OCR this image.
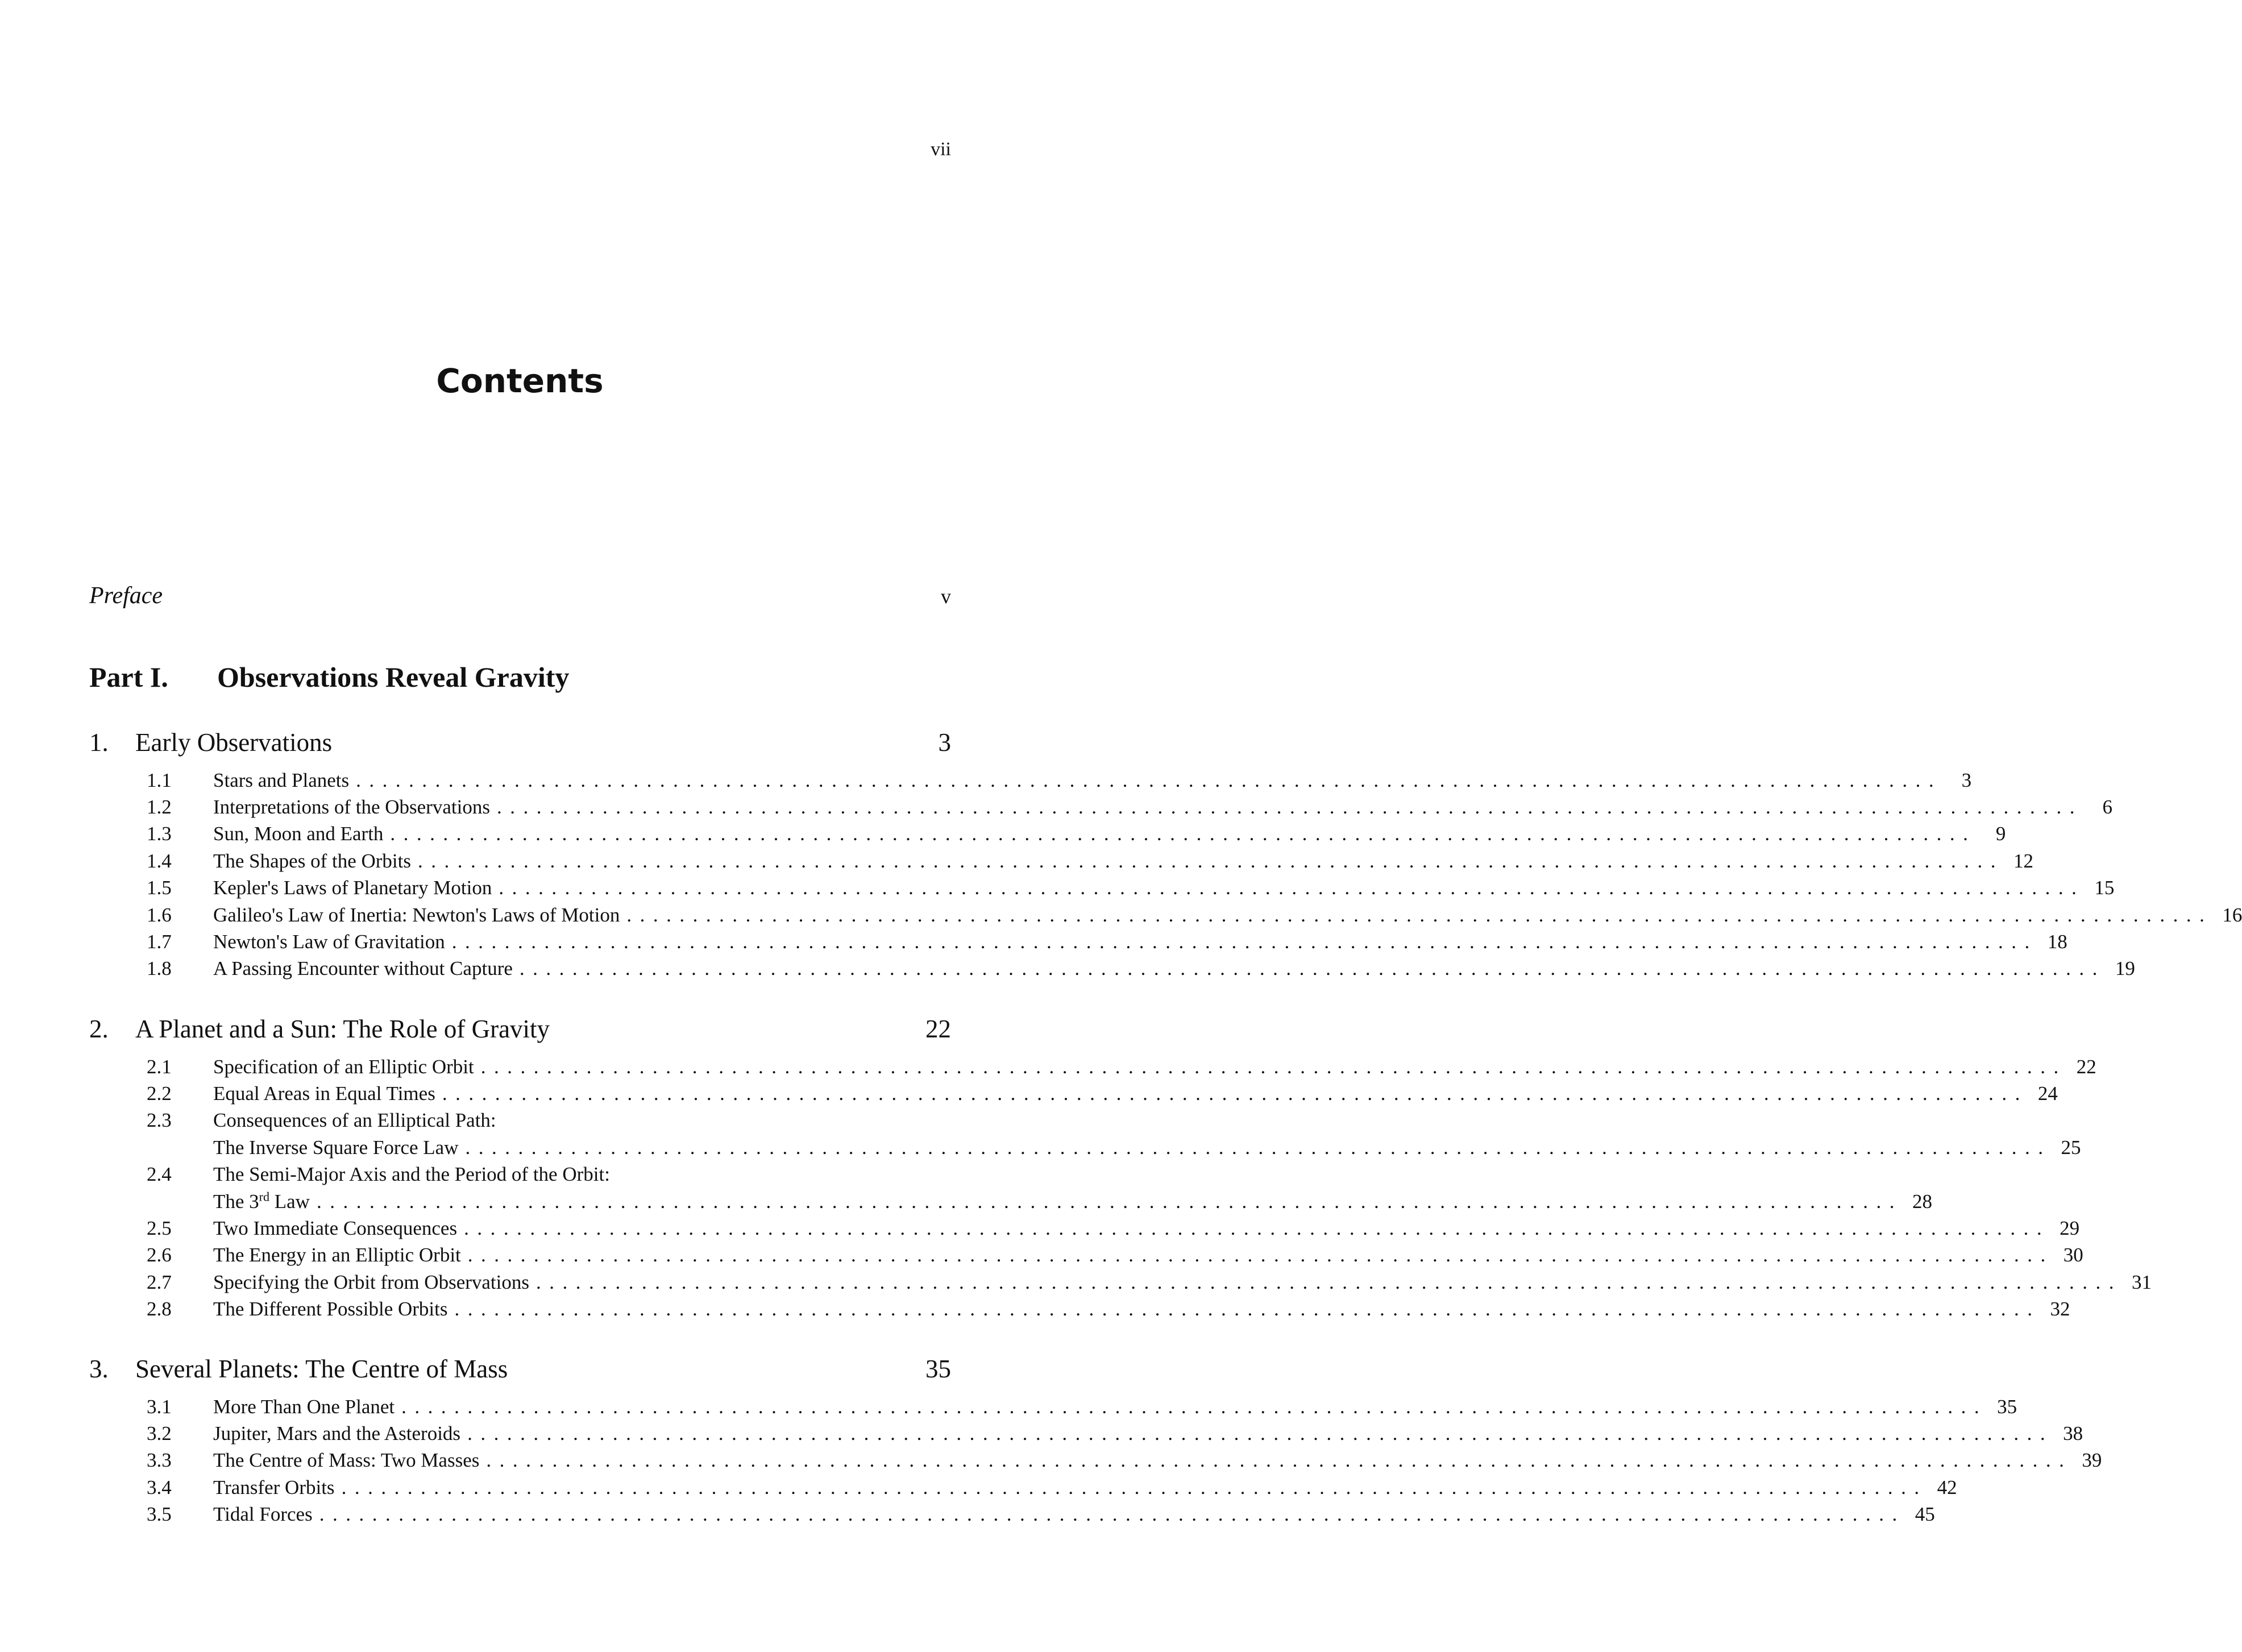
vii
Contents
Preface	v
Part I. Observations Reveal Gravity
1.	Early Observations	3
1.1	Stars and Planets ........................................................................................................................ 3
1.2	Interpretations of the Observations ........................................................................................................................ 6
1.3	Sun, Moon and Earth ........................................................................................................................ 9
1.4	The Shapes of the Orbits ........................................................................................................................ 12
1.5	Kepler's Laws of Planetary Motion ........................................................................................................................ 15
1.6	Galileo's Law of Inertia: Newton's Laws of Motion ........................................................................................................................ 16
1.7	Newton's Law of Gravitation ........................................................................................................................ 18
1.8	A Passing Encounter without Capture ........................................................................................................................ 19
2.	A Planet and a Sun: The Role of Gravity	22
2.1	Specification of an Elliptic Orbit ........................................................................................................................ 22
2.2	Equal Areas in Equal Times ........................................................................................................................ 24
2.3	Consequences of an Elliptical Path:
The Inverse Square Force Law ........................................................................................................................ 25
2.4	The Semi-Major Axis and the Period of the Orbit:
The 3rd Law ........................................................................................................................ 28
2.5	Two Immediate Consequences ........................................................................................................................ 29
2.6	The Energy in an Elliptic Orbit ........................................................................................................................ 30
2.7	Specifying the Orbit from Observations ........................................................................................................................ 31
2.8	The Different Possible Orbits ........................................................................................................................ 32
3.	Several Planets: The Centre of Mass	35
3.1	More Than One Planet ........................................................................................................................ 35
3.2	Jupiter, Mars and the Asteroids ........................................................................................................................ 38
3.3	The Centre of Mass: Two Masses ........................................................................................................................ 39
3.4	Transfer Orbits ........................................................................................................................ 42
3.5	Tidal Forces ........................................................................................................................ 45
